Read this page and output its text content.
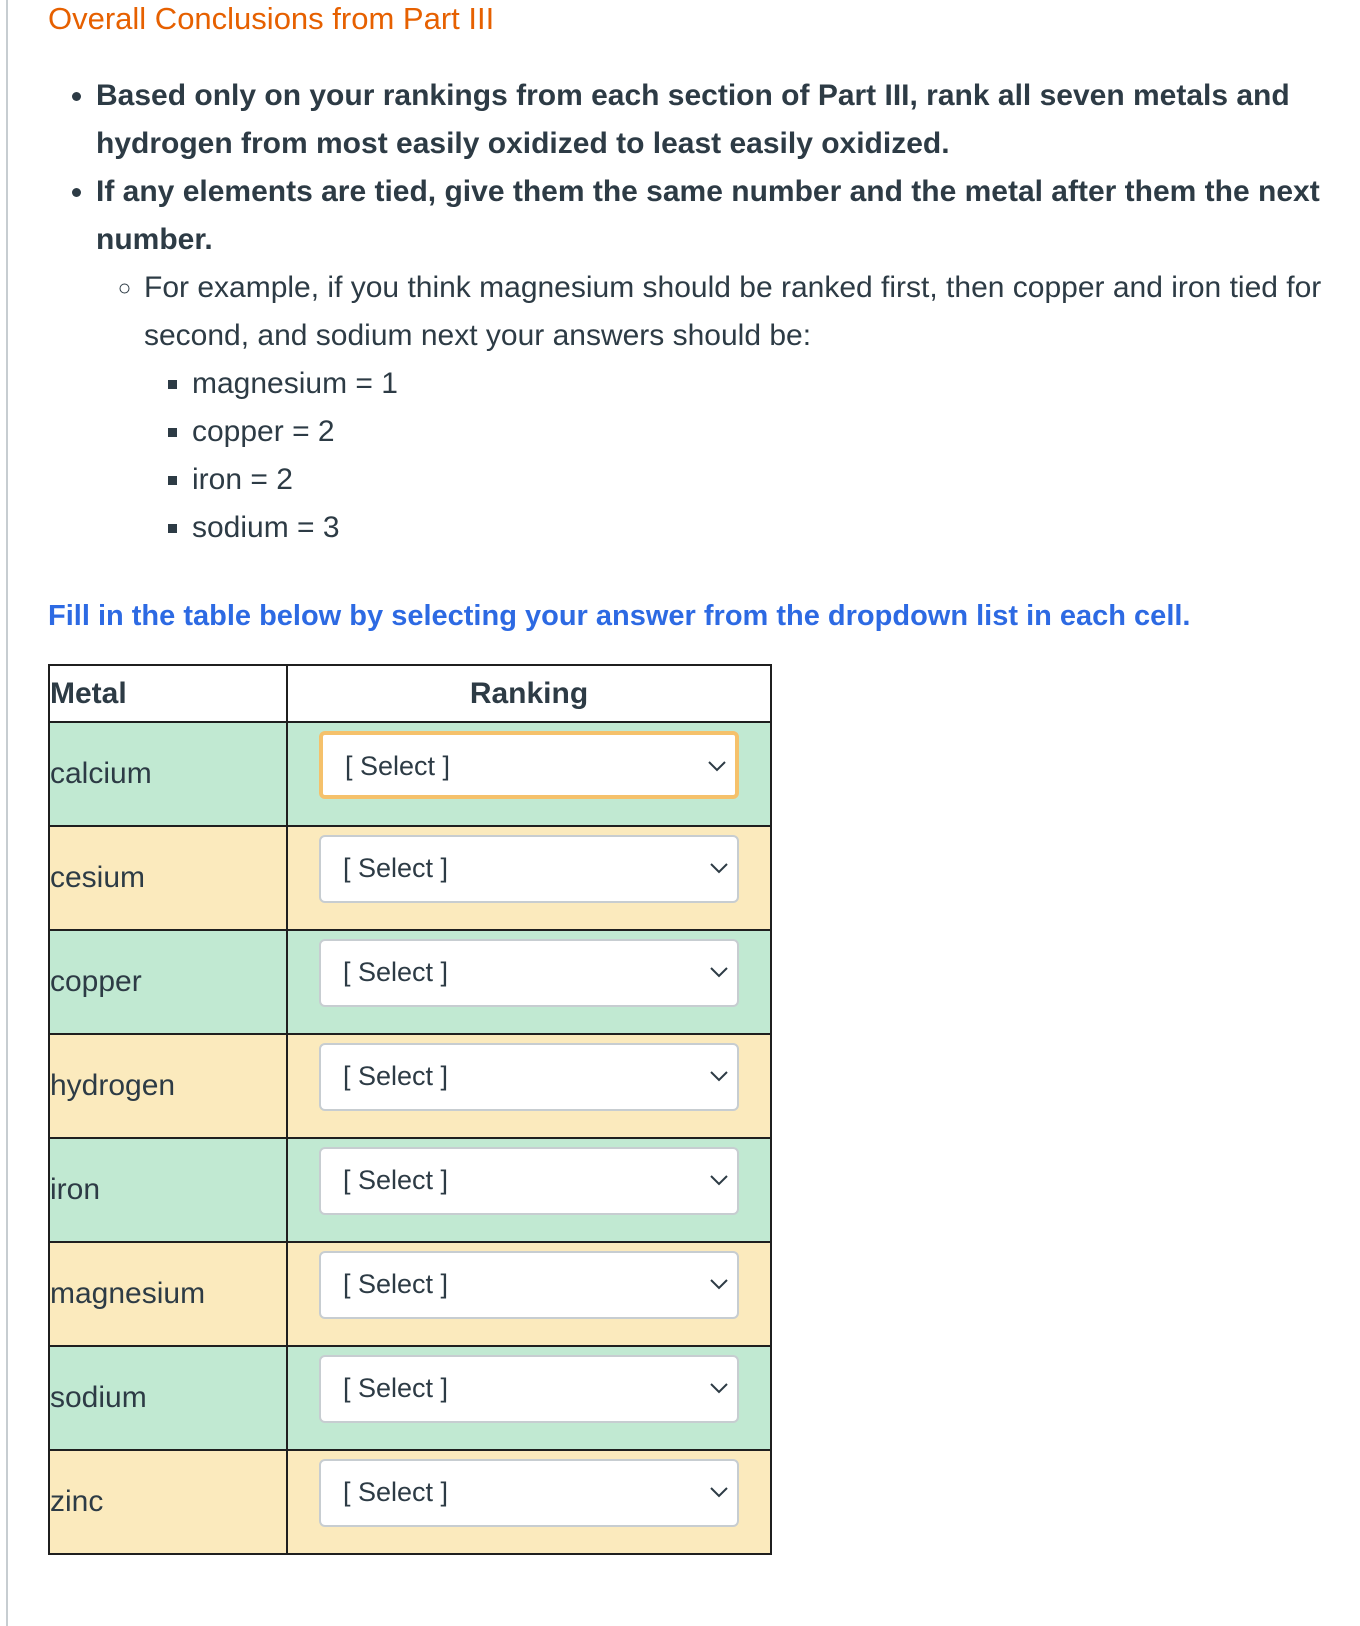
Overall Conclusions from Part III
• Based only on your rankings from each section of Part III, rank all seven metals and hydrogen from most easily oxidized to least easily oxidized.
• If any elements are tied, give them the same number and the metal after them the next number.
◦ For example, if you think magnesium should be ranked first, then copper and iron tied for second, and sodium next your answers should be:
▪ magnesium = 1
▪ copper = 2
▪ iron = 2
▪ sodium = 3

Fill in the table below by selecting your answer from the dropdown list in each cell.

Metal	Ranking
calcium	[ Select ]

cesium	[ Select ]

copper	[ Select ]

hydrogen	[ Select ]

iron	[ Select ]

magnesium	[ Select ]

sodium	[ Select ]

zinc	[ Select ]
